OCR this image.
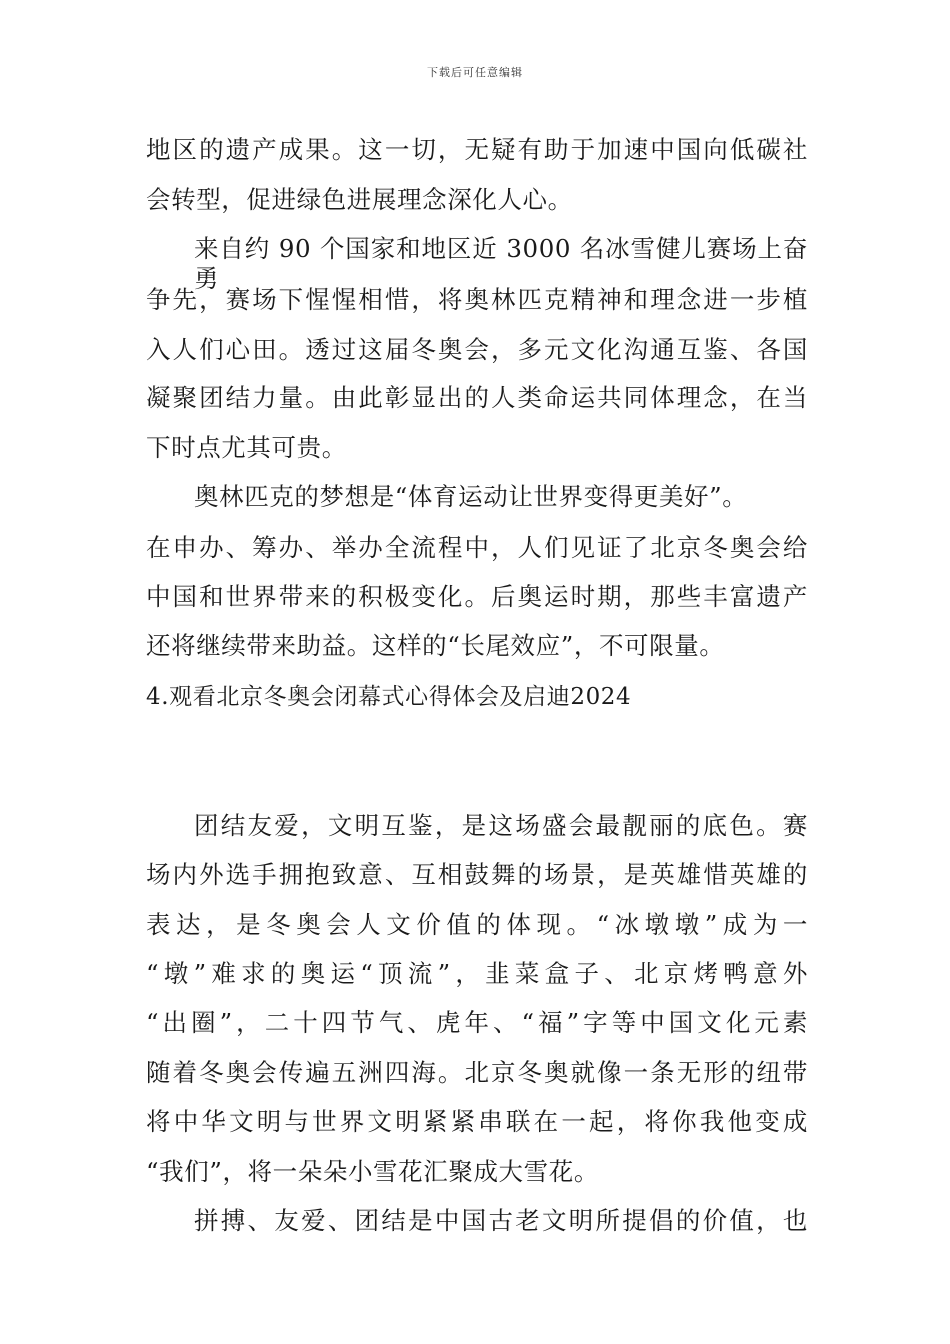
下载后可任意编辑
地区的遗产成果。这一切，无疑有助于加速中国向低碳社
会转型，促进绿色进展理念深化人心。
来自约 90 个国家和地区近 3000 名冰雪健儿赛场上奋勇
争先，赛场下惺惺相惜，将奥林匹克精神和理念进一步植
入人们心田。透过这届冬奥会，多元文化沟通互鉴、各国
凝聚团结力量。由此彰显出的人类命运共同体理念，在当
下时点尤其可贵。
奥林匹克的梦想是“体育运动让世界变得更美好”。
在申办、筹办、举办全流程中，人们见证了北京冬奥会给
中国和世界带来的积极变化。后奥运时期，那些丰富遗产
还将继续带来助益。这样的“长尾效应”，不可限量。
4.观看北京冬奥会闭幕式心得体会及启迪2024
团结友爱，文明互鉴，是这场盛会最靓丽的底色。赛
场内外选手拥抱致意、互相鼓舞的场景，是英雄惜英雄的
表达，是冬奥会人文价值的体现。“冰墩墩”成为一
“墩”难求的奥运“顶流”，韭菜盒子、北京烤鸭意外
“出圈”，二十四节气、虎年、“福”字等中国文化元素
随着冬奥会传遍五洲四海。北京冬奥就像一条无形的纽带
将中华文明与世界文明紧紧串联在一起，将你我他变成
“我们”，将一朵朵小雪花汇聚成大雪花。
拼搏、友爱、团结是中国古老文明所提倡的价值，也
